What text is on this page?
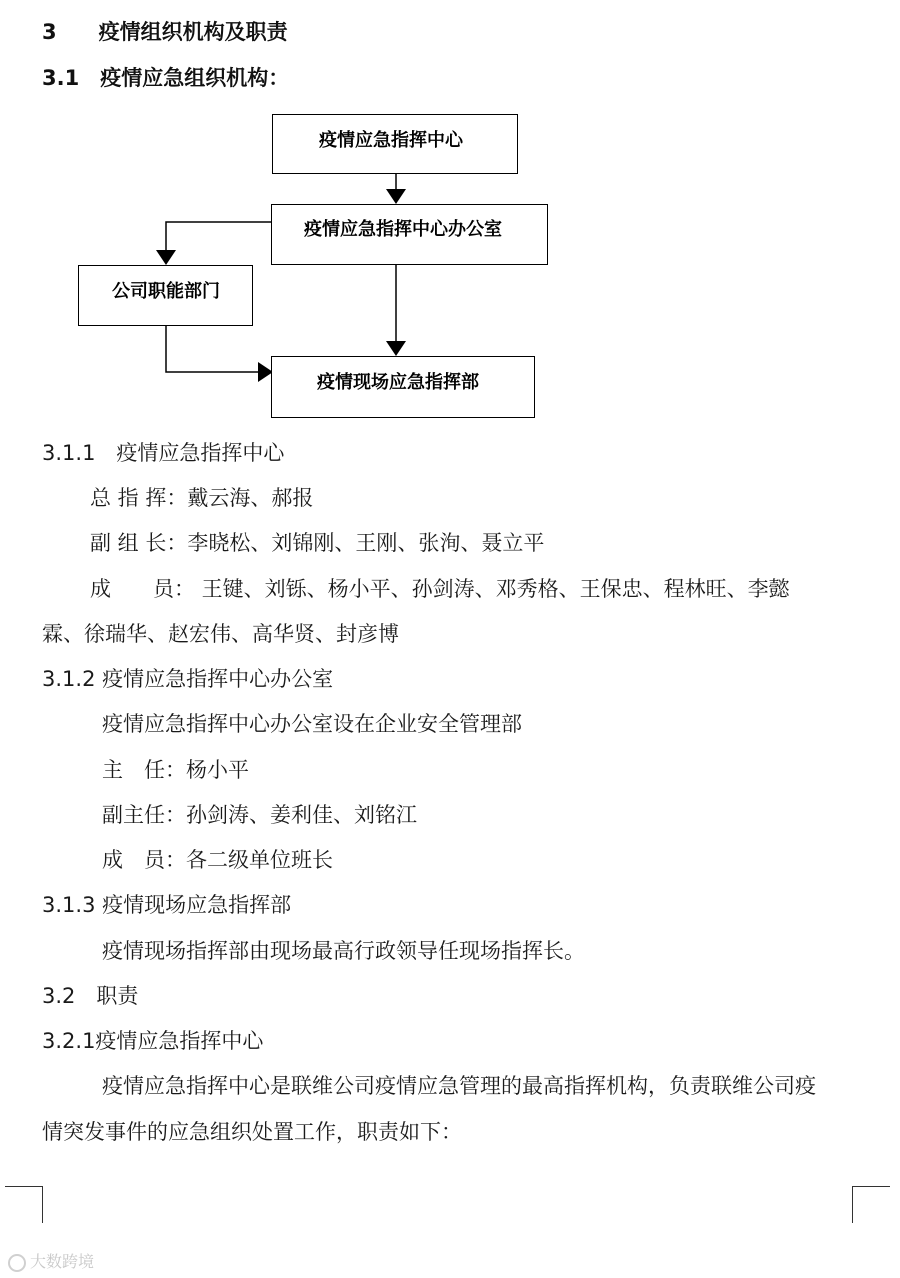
3　　疫情组织机构及职责
3.1　疫情应急组织机构：
疫情应急指挥中心
疫情应急指挥中心办公室
公司职能部门
疫情现场应急指挥部
3.1.1　疫情应急指挥中心
总 指 挥：戴云海、郝报
副 组 长：李晓松、刘锦刚、王刚、张洵、聂立平
成　　员： 王键、刘铄、杨小平、孙剑涛、邓秀格、王保忠、程林旺、李懿
霖、徐瑞华、赵宏伟、高华贤、封彦博
3.1.2 疫情应急指挥中心办公室
疫情应急指挥中心办公室设在企业安全管理部
主　任：杨小平
副主任：孙剑涛、姜利佳、刘铭江
成　员：各二级单位班长
3.1.3 疫情现场应急指挥部
疫情现场指挥部由现场最高行政领导任现场指挥长。
3.2　职责
3.2.1疫情应急指挥中心
疫情应急指挥中心是联维公司疫情应急管理的最高指挥机构，负责联维公司疫
情突发事件的应急组织处置工作，职责如下：
大数跨境
